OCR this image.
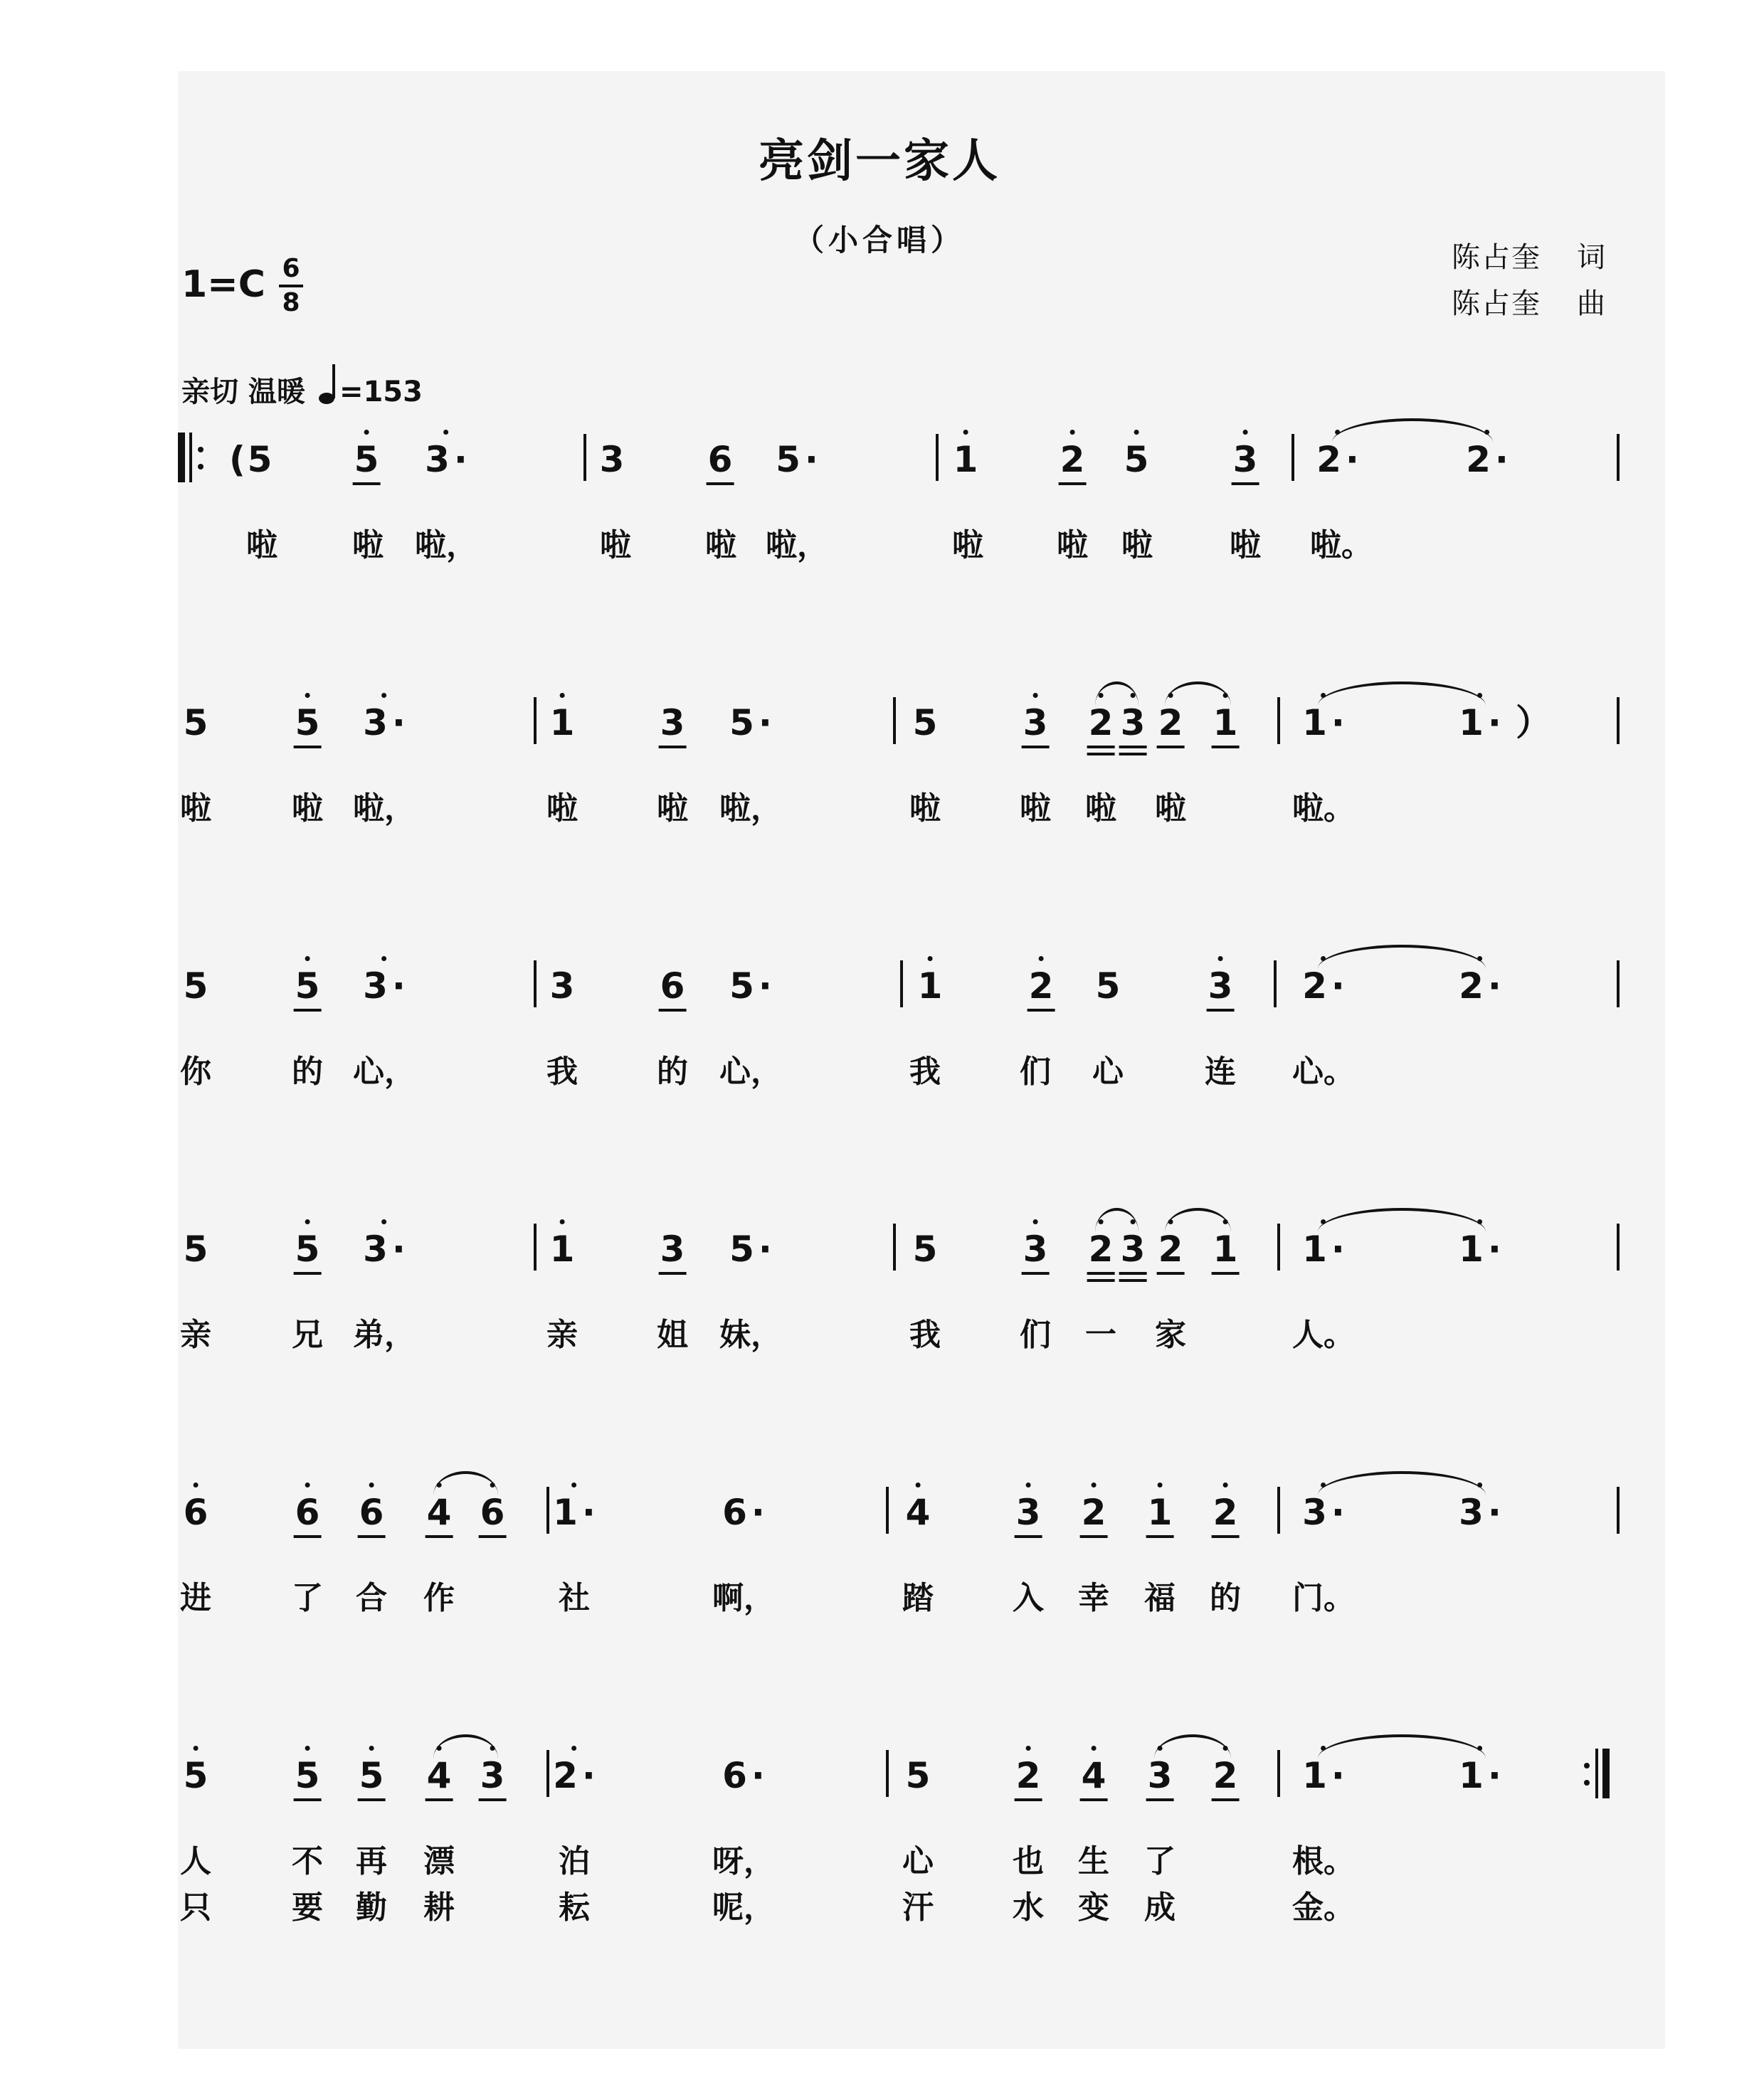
亮剑一家人
（小合唱）	陈占奎 词
陈占奎 曲
1=C 6
8
亲切 温暖 =153
( 5 5 3 ·	3 6 5 ·	1 2 5 3 2 ·	2 ·
啦 啦 啦，	啦 啦 啦，	啦 啦 啦 啦 啦。
5 5 3 ·	1 3 5 ·	5 3 2 3 2 1 1 ·	1 · ）
啦	啦 啦，	啦	啦 啦，	啦	啦 啦 啦	啦。
5 5 3 ·	3 6 5 ·	1 2 5 3 2 ·	2 ·
你	的 心，	我	的 心，	我	们 心	连 心。
5 5 3 ·	1 3 5 ·	5 3 2 3 2 1 1 ·	1 ·
亲	兄 弟，	亲	姐 妹，	我	们 一 家	人。
6 6 6 4 6 1 ·	6 ·	4 3 2 1 2 3 ·	3 ·
进	了 合 作	社	啊，	踏	入 幸 福 的 门。
5 5 5 4 3 2 ·	6 ·	5 2 4 3 2 1 ·	1 ·
人	不 再 漂	泊	呀，	心	也 生 了	根。
只	要 勤 耕	耘	呢，	汗	水 变 成	金。
